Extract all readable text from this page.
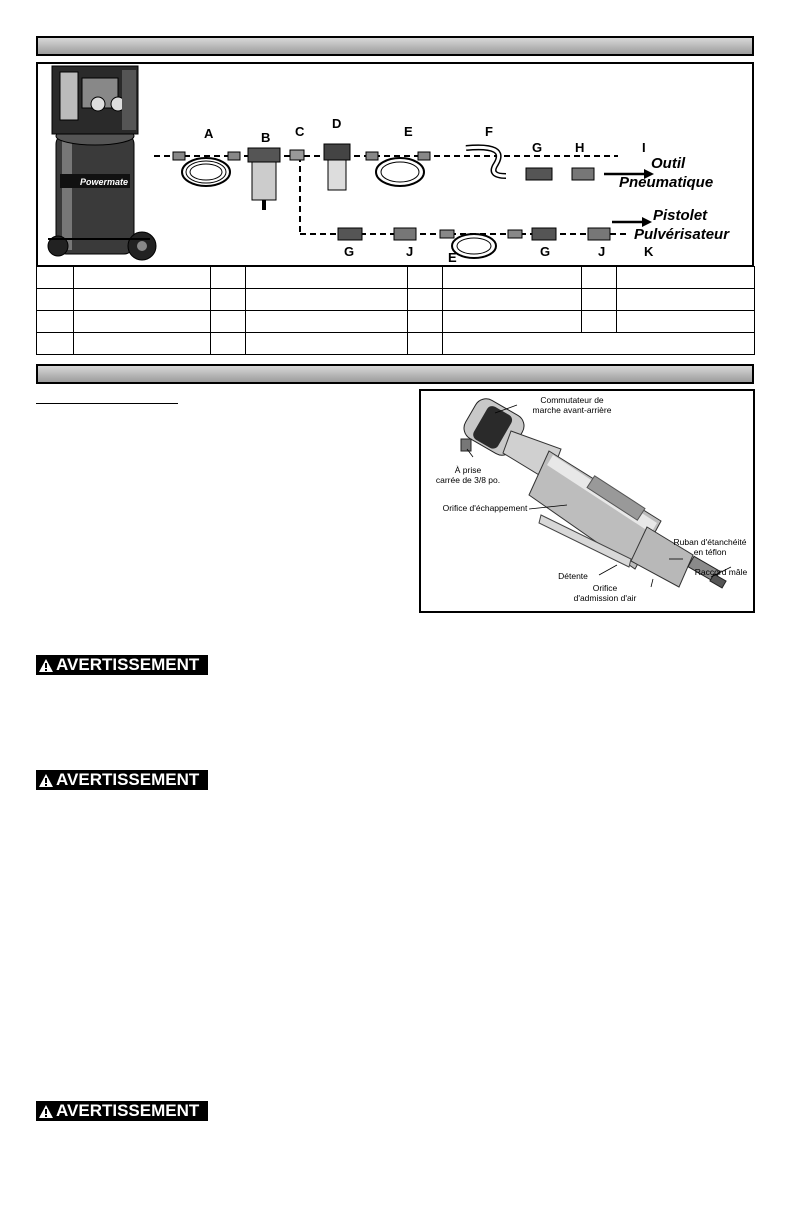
Powermate
A	B C
D
E	F
G	H	I
Outil
Pneumatique
Pistolet
Pulvérisateur
G	J	E	G	J	K

Commutateur de
marche avant-arrière
À prise
carrée de 3/8 po.
Orifice d'échappement
Ruban d'étanchéité
en téflon
Raccord mâle
Détente
Orifice
d'admission d'air
AVERTISSEMENT
AVERTISSEMENT
AVERTISSEMENT
